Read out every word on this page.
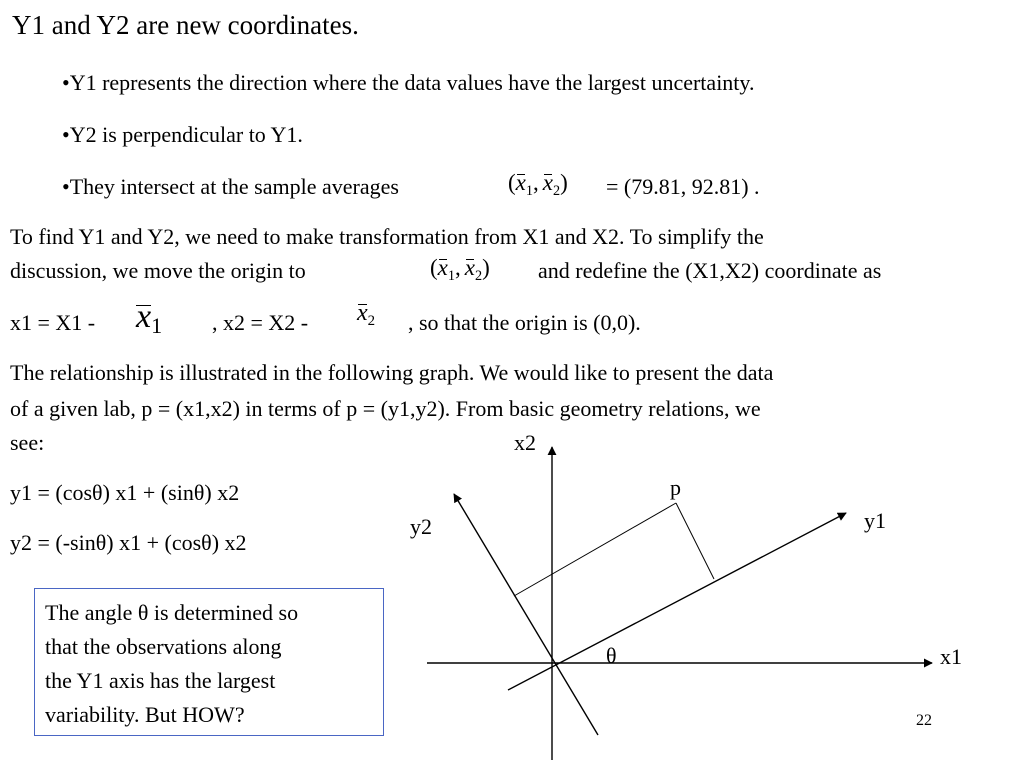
Y1 and Y2 are new coordinates.
•Y1 represents the direction where the data values have the largest uncertainty.
•Y2 is perpendicular to Y1.
•They intersect at the sample averages	(
$x_1$, $x_2) = (79.81$, 92.81) .
To find Y1 and Y2, we need to make transformation from X1 and X2. To simplify the
discussion, we move the origin to	(
$x_1$, $x_2$) and redefine the (X1,X2) coordinate as
$x1 = X1 - x_1$ , $x2 = X2 - x_2$ , so that the origin is (0,0).
The relationship is illustrated in the following graph. We would like to present the data
of a given lab, p = (x1,x2) in terms of p = (y1,y2). From basic geometry relations, we
see:
y1 = (cosθ) x1 + (sinθ) x2
y2 = (-sinθ) x1 + (cosθ) x2
The angle θ is determined so
that the observations along
the Y1 axis has the largest
variability. But HOW?
x2
x1
y1
y2
p
θ
22
